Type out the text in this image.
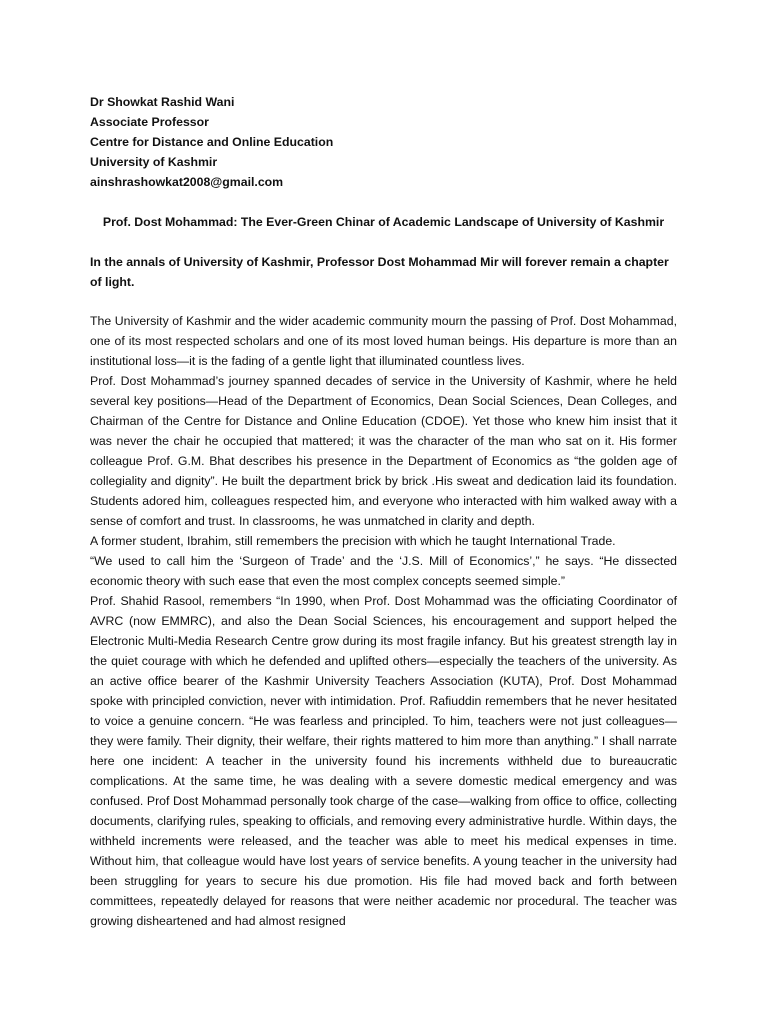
Dr Showkat Rashid Wani
Associate Professor
Centre for Distance and Online Education
University of Kashmir
ainshrashowkat2008@gmail.com
Prof. Dost Mohammad: The Ever-Green Chinar of Academic Landscape of University of Kashmir
In the annals of University of Kashmir, Professor Dost Mohammad Mir will forever remain a chapter of light.

The University of Kashmir and the wider academic community mourn the passing of Prof. Dost Mohammad, one of its most respected scholars and one of its most loved human beings. His departure is more than an institutional loss—it is the fading of a gentle light that illuminated countless lives.

Prof. Dost Mohammad’s journey spanned decades of service in the University of Kashmir, where he held several key positions—Head of the Department of Economics, Dean Social Sciences, Dean Colleges, and Chairman of the Centre for Distance and Online Education (CDOE). Yet those who knew him insist that it was never the chair he occupied that mattered; it was the character of the man who sat on it. His former colleague Prof. G.M. Bhat describes his presence in the Department of Economics as “the golden age of collegiality and dignity”. He built the department brick by brick .His sweat and dedication laid its foundation. Students adored him, colleagues respected him, and everyone who interacted with him walked away with a sense of comfort and trust. In classrooms, he was unmatched in clarity and depth.

A former student, Ibrahim, still remembers the precision with which he taught International Trade.

“We used to call him the ‘Surgeon of Trade’ and the ‘J.S. Mill of Economics’,” he says. “He dissected economic theory with such ease that even the most complex concepts seemed simple.”

Prof. Shahid Rasool, remembers “In 1990, when Prof. Dost Mohammad was the officiating Coordinator of AVRC (now EMMRC), and also the Dean Social Sciences, his encouragement and support helped the Electronic Multi-Media Research Centre grow during its most fragile infancy. But his greatest strength lay in the quiet courage with which he defended and uplifted others—especially the teachers of the university. As an active office bearer of the Kashmir University Teachers Association (KUTA), Prof. Dost Mohammad spoke with principled conviction, never with intimidation. Prof. Rafiuddin remembers that he never hesitated to voice a genuine concern. “He was fearless and principled. To him, teachers were not just colleagues—they were family. Their dignity, their welfare, their rights mattered to him more than anything.” I shall narrate here one incident: A teacher in the university found his increments withheld due to bureaucratic complications. At the same time, he was dealing with a severe domestic medical emergency and was confused. Prof Dost Mohammad personally took charge of the case—walking from office to office, collecting documents, clarifying rules, speaking to officials, and removing every administrative hurdle. Within days, the withheld increments were released, and the teacher was able to meet his medical expenses in time. Without him, that colleague would have lost years of service benefits. A young teacher in the university had been struggling for years to secure his due promotion. His file had moved back and forth between committees, repeatedly delayed for reasons that were neither academic nor procedural. The teacher was growing disheartened and had almost resigned
